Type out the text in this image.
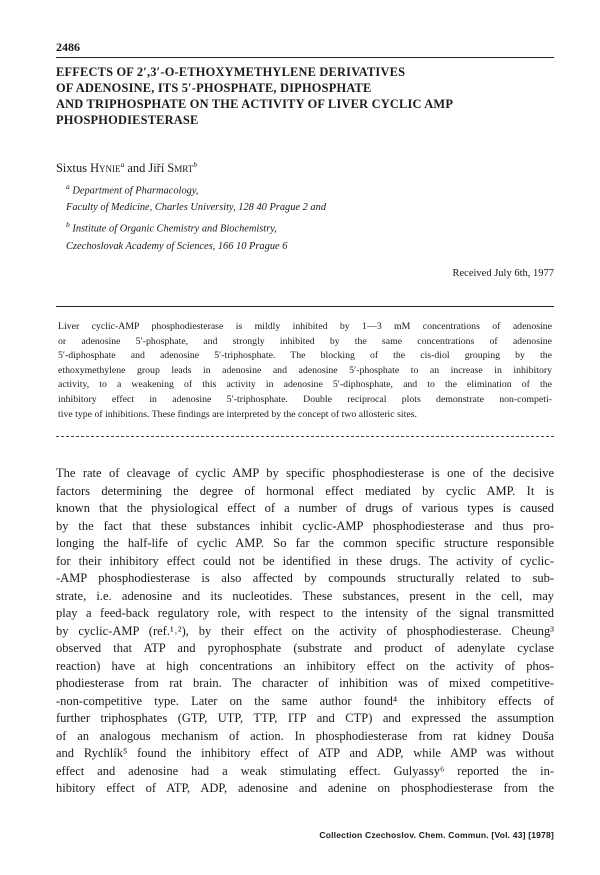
2486
EFFECTS OF 2′,3′-O-ETHOXYMETHYLENE DERIVATIVES
OF ADENOSINE, ITS 5′-PHOSPHATE, DIPHOSPHATE
AND TRIPHOSPHATE ON THE ACTIVITY OF LIVER CYCLIC AMP
PHOSPHODIESTERASE
Sixtus Hynie$^a$ and Jiří Smrt$^b$
$^a$ Department of Pharmacology,
Faculty of Medicine, Charles University, 128 40 Prague 2 and
$^b$ Institute of Organic Chemistry and Biochemistry,
Czechoslovak Academy of Sciences, 166 10 Prague 6
Received July 6th, 1977
Liver cyclic-AMP phosphodiesterase is mildly inhibited by 1—3 mM concentrations of adenosine
or adenosine 5′-phosphate, and strongly inhibited by the same concentrations of adenosine
5′-diphosphate and adenosine 5′-triphosphate. The blocking of the cis-diol grouping by the
ethoxymethylene group leads in adenosine and adenosine 5′-phosphate to an increase in inhibitory
activity, to a weakening of this activity in adenosine 5′-diphosphate, and to the elimination of the
inhibitory effect in adenosine 5′-triphosphate. Double reciprocal plots demonstrate non-competi-
tive type of inhibitions. These findings are interpreted by the concept of two allosteric sites.
The rate of cleavage of cyclic AMP by specific phosphodiesterase is one of the decisive
factors determining the degree of hormonal effect mediated by cyclic AMP. It is
known that the physiological effect of a number of drugs of various types is caused
by the fact that these substances inhibit cyclic-AMP phosphodiesterase and thus pro-
longing the half-life of cyclic AMP. So far the common specific structure responsible
for their inhibitory effect could not be identified in these drugs. The activity of cyclic-
-AMP phosphodiesterase is also affected by compounds structurally related to sub-
strate, i.e. adenosine and its nucleotides. These substances, present in the cell, may
play a feed-back regulatory role, with respect to the intensity of the signal transmitted
by cyclic-AMP (ref.¹˒²), by their effect on the activity of phosphodiesterase. Cheung³
observed that ATP and pyrophosphate (substrate and product of adenylate cyclase
reaction) have at high concentrations an inhibitory effect on the activity of phos-
phodiesterase from rat brain. The character of inhibition was of mixed competitive-
-non-competitive type. Later on the same author found⁴ the inhibitory effects of
further triphosphates (GTP, UTP, TTP, ITP and CTP) and expressed the assumption
of an analogous mechanism of action. In phosphodiesterase from rat kidney Douša
and Rychlík⁵ found the inhibitory effect of ATP and ADP, while AMP was without
effect and adenosine had a weak stimulating effect. Gulyassy⁶ reported the in-
hibitory effect of ATP, ADP, adenosine and adenine on phosphodiesterase from the
Collection Czechoslov. Chem. Commun. [Vol. 43] [1978]
